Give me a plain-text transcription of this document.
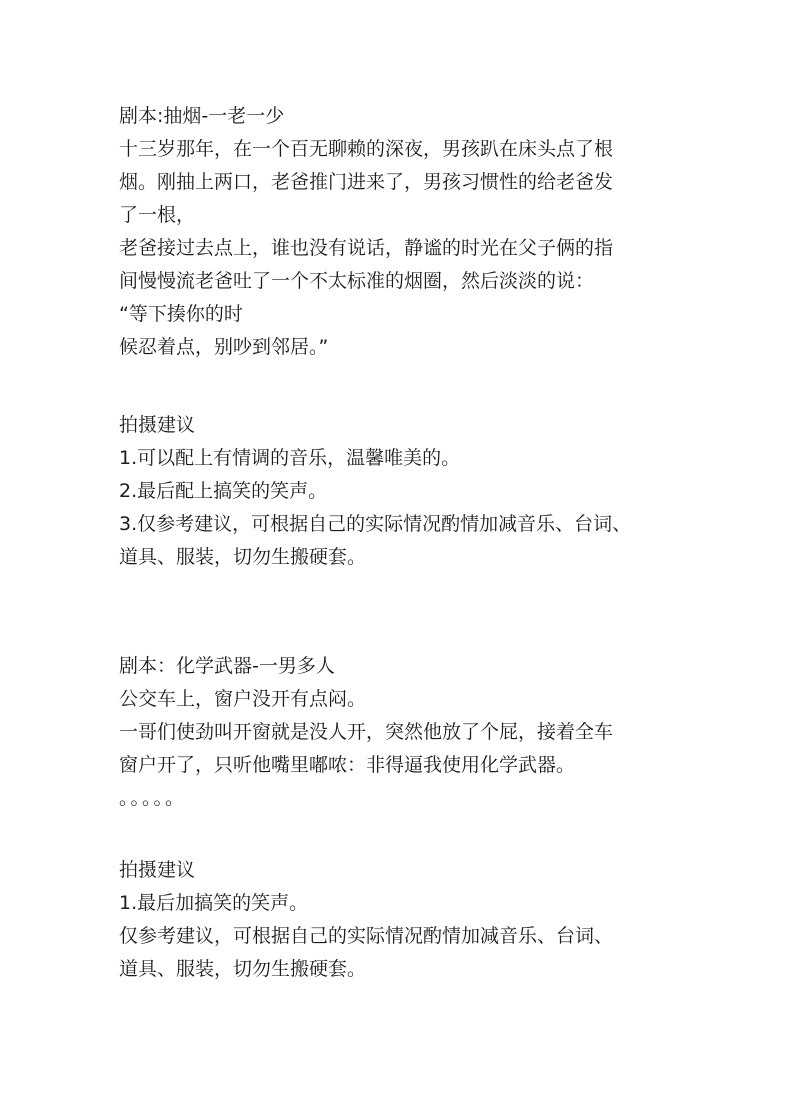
剧本:抽烟-一老一少
十三岁那年，在一个百无聊赖的深夜，男孩趴在床头点了根
烟。刚抽上两口，老爸推门进来了，男孩习惯性的给老爸发
了一根，
老爸接过去点上，谁也没有说话，静谧的时光在父子俩的指
间慢慢流老爸吐了一个不太标准的烟圈，然后淡淡的说：
“等下揍你的时
候忍着点，别吵到邻居。”
拍摄建议
1.可以配上有情调的音乐，温馨唯美的。
2.最后配上搞笑的笑声。
3.仅参考建议，可根据自己的实际情况酌情加减音乐、台词、
道具、服装，切勿生搬硬套。
剧本：化学武器-一男多人
公交车上，窗户没开有点闷。
一哥们使劲叫开窗就是没人开，突然他放了个屁，接着全车
窗户开了，只听他嘴里嘟哝：非得逼我使用化学武器。
。。。。。
拍摄建议
1.最后加搞笑的笑声。
仅参考建议，可根据自己的实际情况酌情加减音乐、台词、
道具、服装，切勿生搬硬套。
